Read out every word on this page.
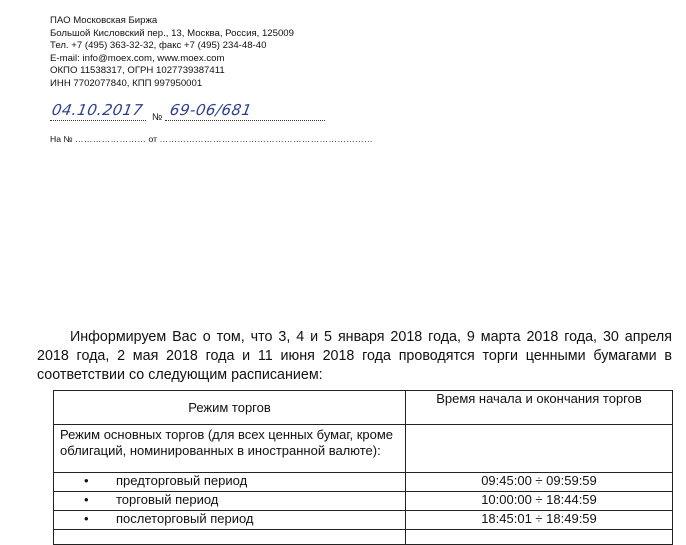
ПАО Московская Биржа
Большой Кисловский пер., 13, Москва, Россия, 125009
Тел. +7 (495) 363-32-32, факс +7 (495) 234-48-40
E-mail: info@moex.com, www.moex.com
ОКПО 11538317, ОГРН 1027739387411
ИНН 7702077840, КПП 997950001
04.10.2017 № 69-06/681
На № …………………… от ………………………………………………………………
Информируем Вас о том, что 3, 4 и 5 января 2018 года, 9 марта 2018 года, 30 апреля 2018 года, 2 мая 2018 года и 11 июня 2018 года проводятся торги ценными бумагами в соответствии со следующим расписанием:
Режим торгов	Время начала и окончания торгов
Режим основных торгов (для всех ценных бумаг, кроме облигаций, номинированных в иностранной валюте):	
• предторговый период	09:45:00 ÷ 09:59:59
• торговый период	10:00:00 ÷ 18:44:59
• послеторговый период	18:45:01 ÷ 18:49:59
